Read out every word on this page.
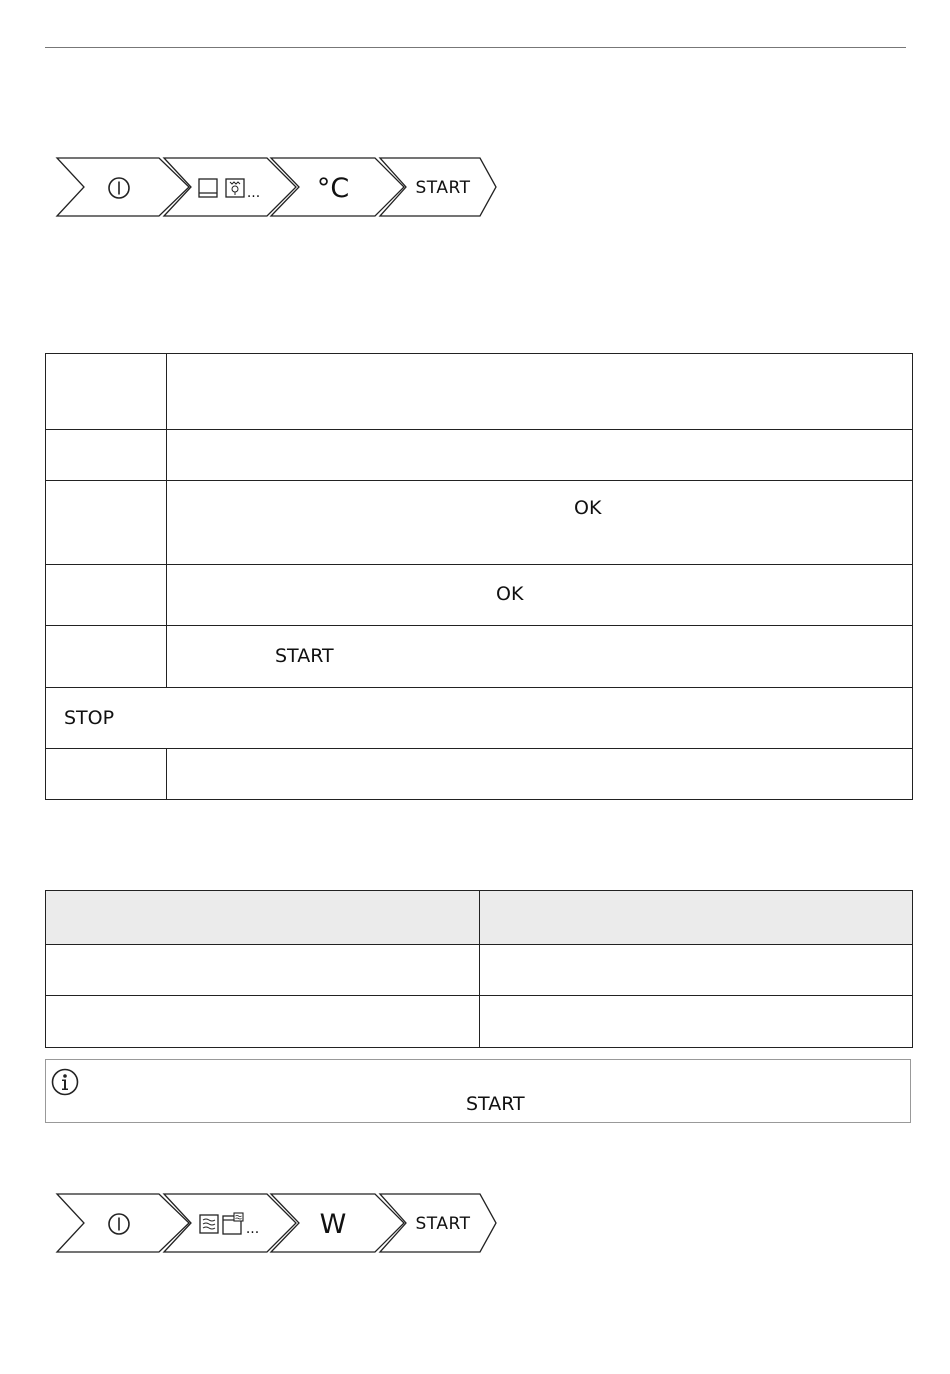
... °C	START

	OK

	OK

	START

STOP	

START
... W	START
